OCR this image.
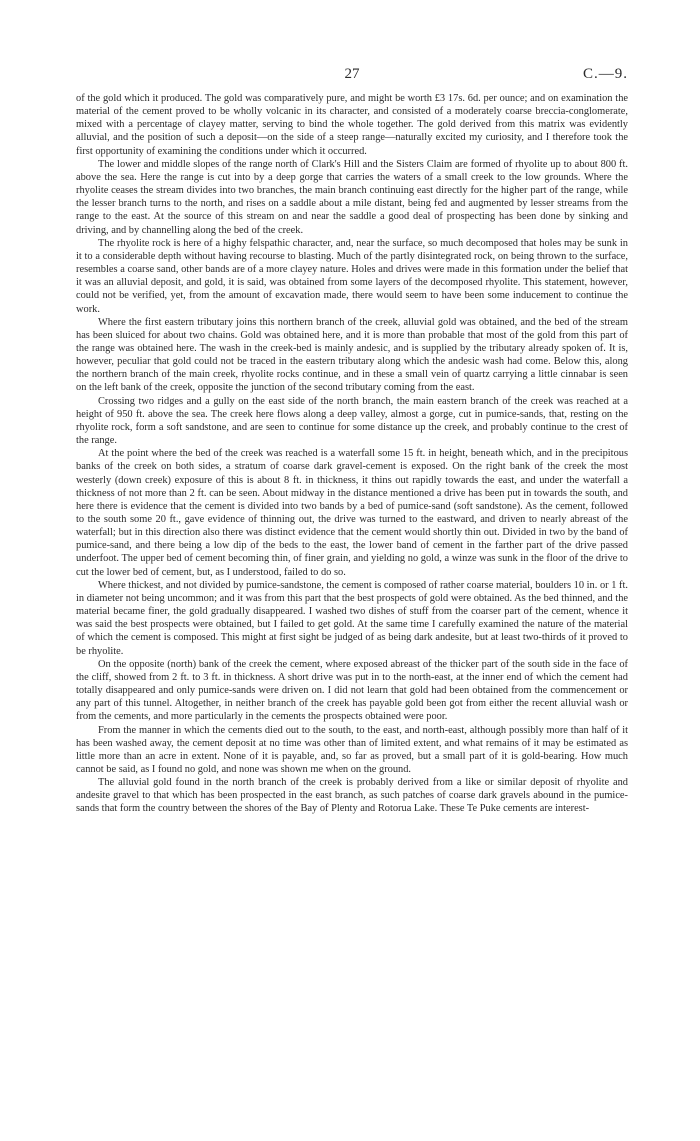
27	C.—9.

of the gold which it produced. The gold was comparatively pure, and might be worth £3 17s. 6d. per ounce; and on examination the material of the cement proved to be wholly volcanic in its character, and consisted of a moderately coarse breccia-conglomerate, mixed with a percentage of clayey matter, serving to bind the whole together. The gold derived from this matrix was evidently alluvial, and the position of such a deposit—on the side of a steep range—naturally excited my curiosity, and I therefore took the first opportunity of examining the conditions under which it occurred.

The lower and middle slopes of the range north of Clark's Hill and the Sisters Claim are formed of rhyolite up to about 800 ft. above the sea. Here the range is cut into by a deep gorge that carries the waters of a small creek to the low grounds. Where the rhyolite ceases the stream divides into two branches, the main branch continuing east directly for the higher part of the range, while the lesser branch turns to the north, and rises on a saddle about a mile distant, being fed and augmented by lesser streams from the range to the east. At the source of this stream on and near the saddle a good deal of prospecting has been done by sinking and driving, and by channelling along the bed of the creek.

The rhyolite rock is here of a highy felspathic character, and, near the surface, so much decomposed that holes may be sunk in it to a considerable depth without having recourse to blasting. Much of the partly disintegrated rock, on being thrown to the surface, resembles a coarse sand, other bands are of a more clayey nature. Holes and drives were made in this formation under the belief that it was an alluvial deposit, and gold, it is said, was obtained from some layers of the decomposed rhyolite. This statement, however, could not be verified, yet, from the amount of excavation made, there would seem to have been some inducement to continue the work.

Where the first eastern tributary joins this northern branch of the creek, alluvial gold was obtained, and the bed of the stream has been sluiced for about two chains. Gold was obtained here, and it is more than probable that most of the gold from this part of the range was obtained here. The wash in the creek-bed is mainly andesic, and is supplied by the tributary already spoken of. It is, however, peculiar that gold could not be traced in the eastern tributary along which the andesic wash had come. Below this, along the northern branch of the main creek, rhyolite rocks continue, and in these a small vein of quartz carrying a little cinnabar is seen on the left bank of the creek, opposite the junction of the second tributary coming from the east.

Crossing two ridges and a gully on the east side of the north branch, the main eastern branch of the creek was reached at a height of 950 ft. above the sea. The creek here flows along a deep valley, almost a gorge, cut in pumice-sands, that, resting on the rhyolite rock, form a soft sandstone, and are seen to continue for some distance up the creek, and probably continue to the crest of the range.

At the point where the bed of the creek was reached is a waterfall some 15 ft. in height, beneath which, and in the precipitous banks of the creek on both sides, a stratum of coarse dark gravel-cement is exposed. On the right bank of the creek the most westerly (down creek) exposure of this is about 8 ft. in thickness, it thins out rapidly towards the east, and under the waterfall a thickness of not more than 2 ft. can be seen. About midway in the distance mentioned a drive has been put in towards the south, and here there is evidence that the cement is divided into two bands by a bed of pumice-sand (soft sandstone). As the cement, followed to the south some 20 ft., gave evidence of thinning out, the drive was turned to the eastward, and driven to nearly abreast of the waterfall; but in this direction also there was distinct evidence that the cement would shortly thin out. Divided in two by the band of pumice-sand, and there being a low dip of the beds to the east, the lower band of cement in the farther part of the drive passed underfoot. The upper bed of cement becoming thin, of finer grain, and yielding no gold, a winze was sunk in the floor of the drive to cut the lower bed of cement, but, as I understood, failed to do so.

Where thickest, and not divided by pumice-sandstone, the cement is composed of rather coarse material, boulders 10 in. or 1 ft. in diameter not being uncommon; and it was from this part that the best prospects of gold were obtained. As the bed thinned, and the material became finer, the gold gradually disappeared. I washed two dishes of stuff from the coarser part of the cement, whence it was said the best prospects were obtained, but I failed to get gold. At the same time I carefully examined the nature of the material of which the cement is composed. This might at first sight be judged of as being dark andesite, but at least two-thirds of it proved to be rhyolite.

On the opposite (north) bank of the creek the cement, where exposed abreast of the thicker part of the south side in the face of the cliff, showed from 2 ft. to 3 ft. in thickness. A short drive was put in to the north-east, at the inner end of which the cement had totally disappeared and only pumice-sands were driven on. I did not learn that gold had been obtained from the commencement or any part of this tunnel. Altogether, in neither branch of the creek has payable gold been got from either the recent alluvial wash or from the cements, and more particularly in the cements the prospects obtained were poor.

From the manner in which the cements died out to the south, to the east, and north-east, although possibly more than half of it has been washed away, the cement deposit at no time was other than of limited extent, and what remains of it may be estimated as little more than an acre in extent. None of it is payable, and, so far as proved, but a small part of it is gold-bearing. How much cannot be said, as I found no gold, and none was shown me when on the ground.

The alluvial gold found in the north branch of the creek is probably derived from a like or similar deposit of rhyolite and andesite gravel to that which has been prospected in the east branch, as such patches of coarse dark gravels abound in the pumice-sands that form the country between the shores of the Bay of Plenty and Rotorua Lake. These Te Puke cements are interest-
